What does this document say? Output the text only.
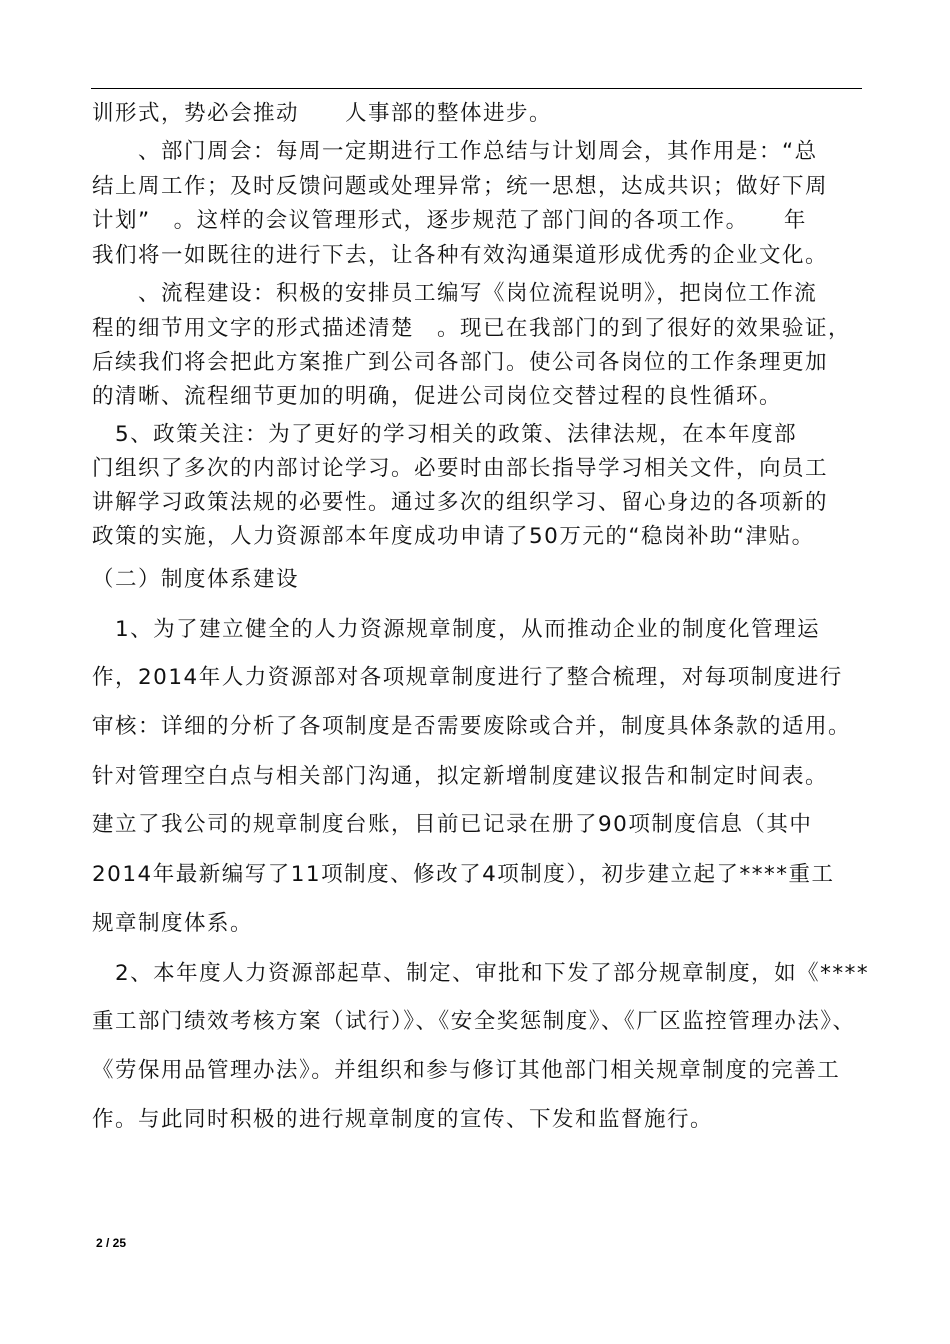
训形式，势必会推动　　人事部的整体进步。
　　、部门周会：每周一定期进行工作总结与计划周会，其作用是：“总
结上周工作；及时反馈问题或处理异常；统一思想，达成共识；做好下周
计划”　。这样的会议管理形式，逐步规范了部门间的各项工作。　　年
我们将一如既往的进行下去，让各种有效沟通渠道形成优秀的企业文化。
　　、流程建设：积极的安排员工编写《岗位流程说明》，把岗位工作流
程的细节用文字的形式描述清楚　。现已在我部门的到了很好的效果验证，
后续我们将会把此方案推广到公司各部门。使公司各岗位的工作条理更加
的清晰、流程细节更加的明确，促进公司岗位交替过程的良性循环。
　5、政策关注：为了更好的学习相关的政策、法律法规，在本年度部
门组织了多次的内部讨论学习。必要时由部长指导学习相关文件，向员工
讲解学习政策法规的必要性。通过多次的组织学习、留心身边的各项新的
政策的实施，人力资源部本年度成功申请了50万元的“稳岗补助“津贴。
（二）制度体系建设
　1、为了建立健全的人力资源规章制度，从而推动企业的制度化管理运
作，2014年人力资源部对各项规章制度进行了整合梳理，对每项制度进行
审核：详细的分析了各项制度是否需要废除或合并，制度具体条款的适用。
针对管理空白点与相关部门沟通，拟定新增制度建议报告和制定时间表。
建立了我公司的规章制度台账，目前已记录在册了90项制度信息（其中
2014年最新编写了11项制度、修改了4项制度），初步建立起了****重工
规章制度体系。
　2、本年度人力资源部起草、制定、审批和下发了部分规章制度，如《****
重工部门绩效考核方案（试行）》、《安全奖惩制度》、《厂区监控管理办法》、
《劳保用品管理办法》。并组织和参与修订其他部门相关规章制度的完善工
作。与此同时积极的进行规章制度的宣传、下发和监督施行。
2 / 25
